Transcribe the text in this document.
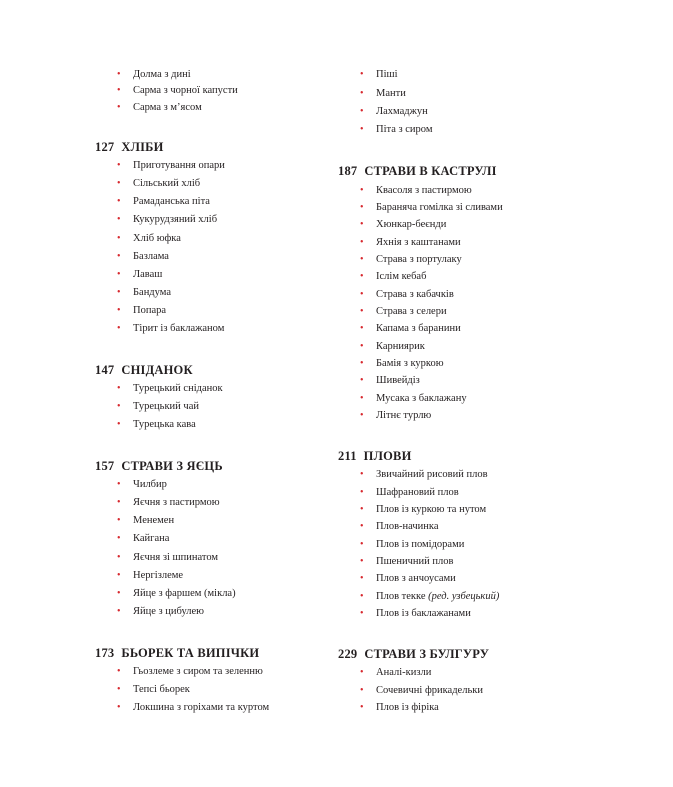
• Долма з дині
• Сарма з чорної капусти
• Сарма з м’ясом
127 ХЛІБИ
• Приготування опари
• Сільський хліб
• Рамаданська піта
• Кукурудзяний хліб
• Хліб юфка
• Базлама
• Лаваш
• Бандума
• Попара
• Тірит із баклажаном
147 СНІДАНОК
• Турецький сніданок
• Турецький чай
• Турецька кава
157 СТРАВИ З ЯЄЦЬ
• Чилбир
• Яєчня з пастирмою
• Менемен
• Кайгана
• Яєчня зі шпинатом
• Нергізлеме
• Яйце з фаршем (мікла)
• Яйце з цибулею
173 БЬОРЕК ТА ВИПІЧКИ
• Гьозлеме з сиром та зеленню
• Тепсі бьорек
• Локшина з горіхами та куртом
• Піші
• Манти
• Лахмаджун
• Піта з сиром
187 СТРАВИ В КАСТРУЛІ
• Квасоля з пастирмою
• Бараняча гомілка зі сливами
• Хюнкар-беєнди
• Яхнія з каштанами
• Страва з портулаку
• Іслім кебаб
• Страва з кабачків
• Страва з селери
• Капама з баранини
• Карниярик
• Бамія з куркою
• Шивейдіз
• Мусака з баклажану
• Літнє турлю
211 ПЛОВИ
• Звичайний рисовий плов
• Шафрановий плов
• Плов із куркою та нутом
• Плов-начинка
• Плов із помідорами
• Пшеничний плов
• Плов з анчоусами
• Плов текке (ред. узбецький)
• Плов із баклажанами
229 СТРАВИ З БУЛГУРУ
• Аналі-кизли
• Сочевичні фрикадельки
• Плов із фіріка
